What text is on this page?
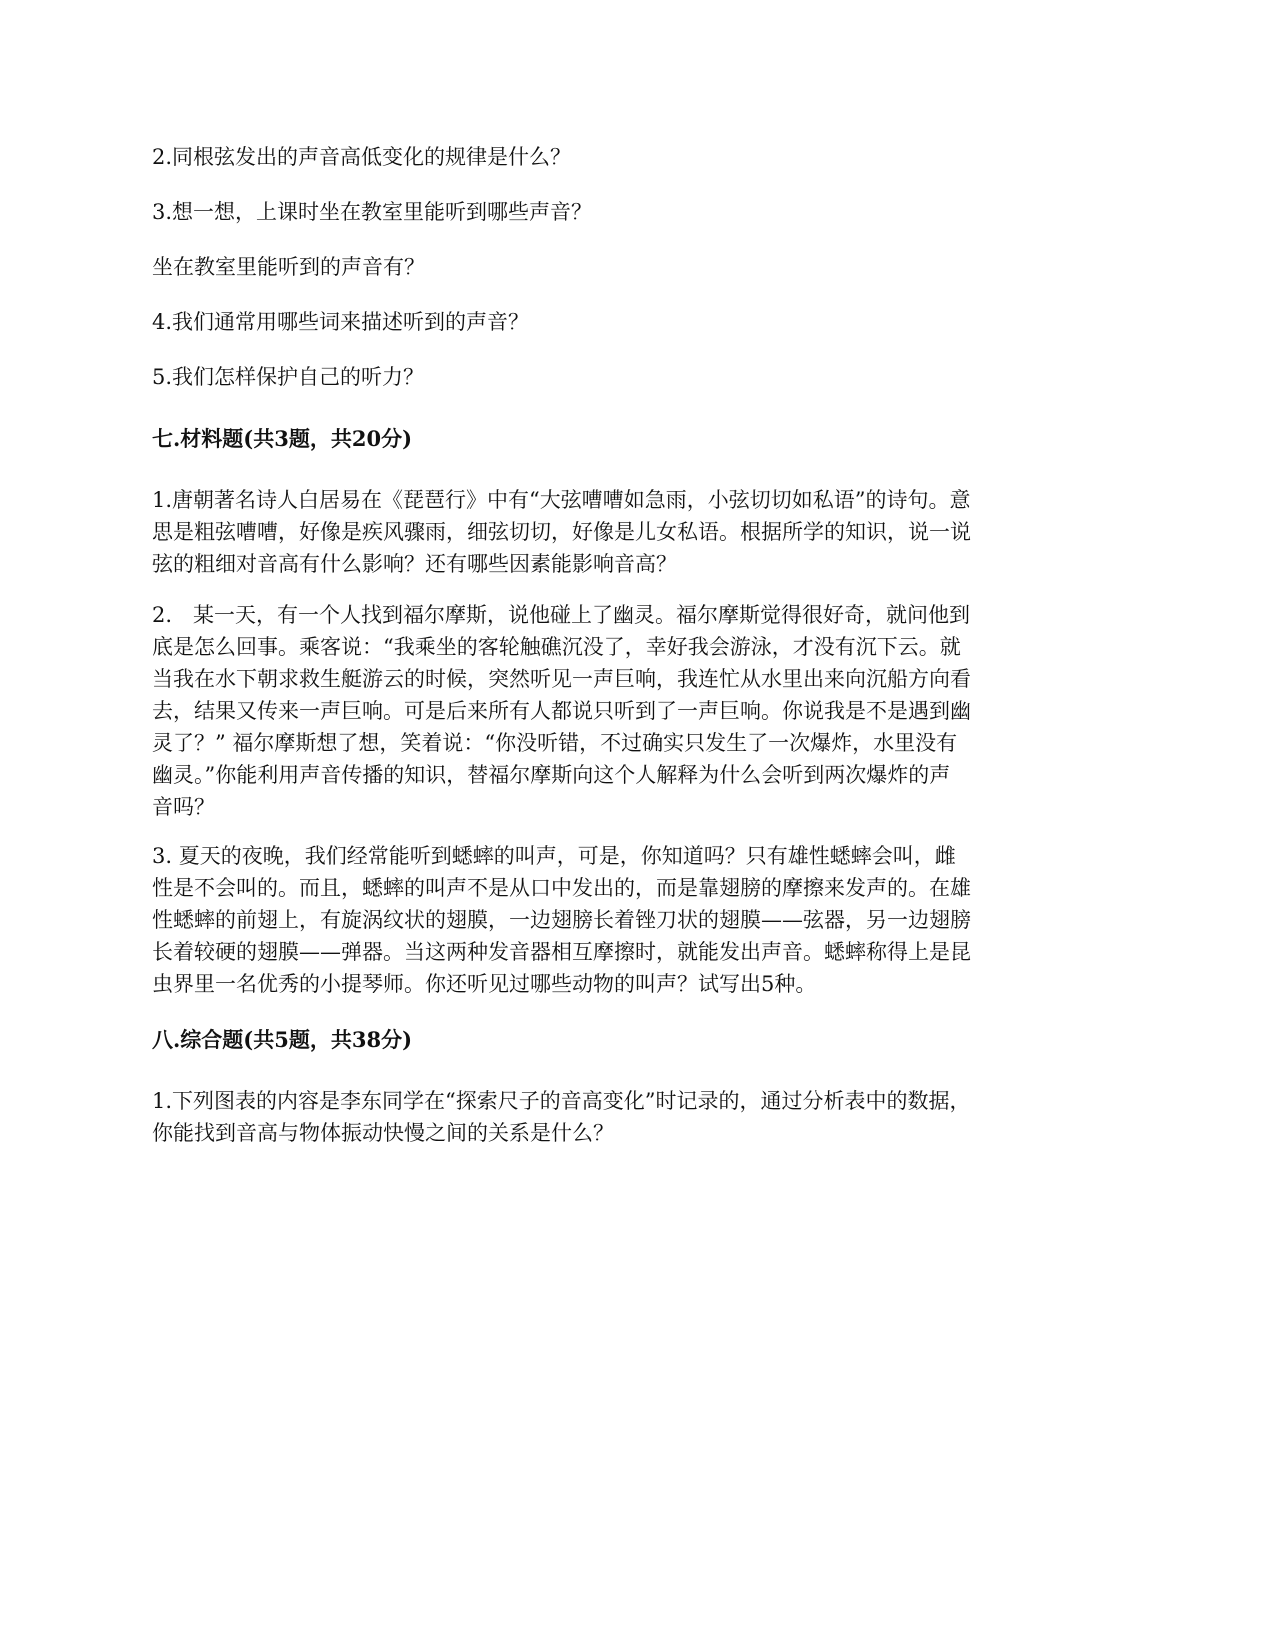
2.同根弦发出的声音高低变化的规律是什么？
3.想一想，上课时坐在教室里能听到哪些声音？
坐在教室里能听到的声音有？
4.我们通常用哪些词来描述听到的声音？
5.我们怎样保护自己的听力？
七.材料题(共3题，共20分)
1.唐朝著名诗人白居易在《琵琶行》中有“大弦嘈嘈如急雨，小弦切切如私语”的诗句。意
思是粗弦嘈嘈，好像是疾风骤雨，细弦切切，好像是儿女私语。根据所学的知识，说一说
弦的粗细对音高有什么影响？还有哪些因素能影响音高？
2.　某一天，有一个人找到福尔摩斯，说他碰上了幽灵。福尔摩斯觉得很好奇，就问他到
底是怎么回事。乘客说：“我乘坐的客轮触礁沉没了，幸好我会游泳，才没有沉下云。就
当我在水下朝求救生艇游云的时候，突然听见一声巨响，我连忙从水里出来向沉船方向看
去，结果又传来一声巨响。可是后来所有人都说只听到了一声巨响。你说我是不是遇到幽
灵了？” 福尔摩斯想了想，笑着说：“你没听错，不过确实只发生了一次爆炸，水里没有
幽灵。”你能利用声音传播的知识，替福尔摩斯向这个人解释为什么会听到两次爆炸的声
音吗？
3. 夏天的夜晚，我们经常能听到蟋蟀的叫声，可是，你知道吗？只有雄性蟋蟀会叫，雌
性是不会叫的。而且，蟋蟀的叫声不是从口中发出的，而是靠翅膀的摩擦来发声的。在雄
性蟋蟀的前翅上，有旋涡纹状的翅膜，一边翅膀长着锉刀状的翅膜——弦器，另一边翅膀
长着较硬的翅膜——弹器。当这两种发音器相互摩擦时，就能发出声音。蟋蟀称得上是昆
虫界里一名优秀的小提琴师。你还听见过哪些动物的叫声？试写出5种。
八.综合题(共5题，共38分)
1.下列图表的内容是李东同学在“探索尺子的音高变化”时记录的，通过分析表中的数据，
你能找到音高与物体振动快慢之间的关系是什么？
